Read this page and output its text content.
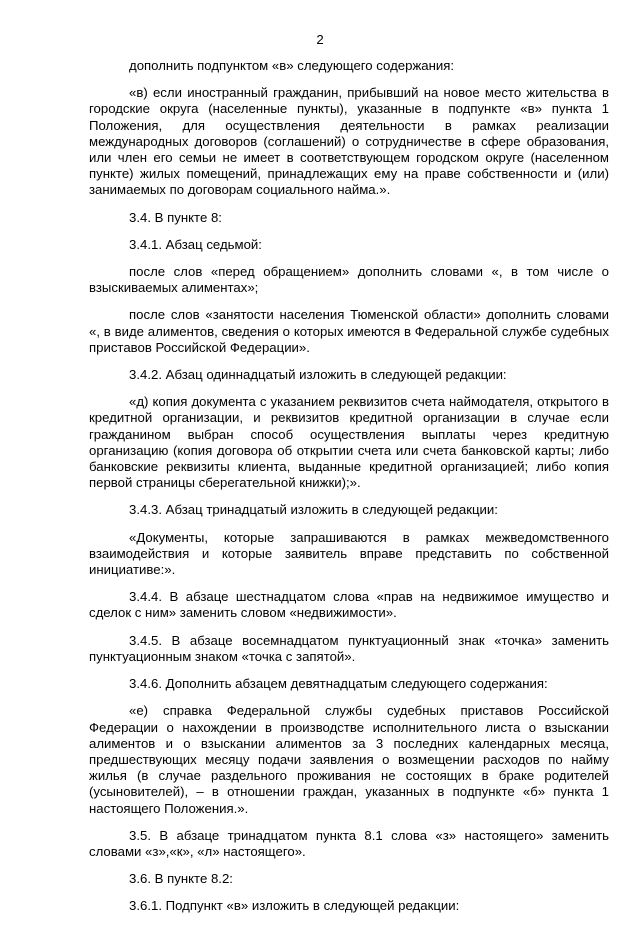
2

дополнить подпунктом «в» следующего содержания:

«в) если иностранный гражданин, прибывший на новое место жительства в городские округа (населенные пункты), указанные в подпункте «в» пункта 1 Положения, для осуществления деятельности в рамках реализации международных договоров (соглашений) о сотрудничестве в сфере образования, или член его семьи не имеет в соответствующем городском округе (населенном пункте) жилых помещений, принадлежащих ему на праве собственности и (или) занимаемых по договорам социального найма.».

3.4. В пункте 8:

3.4.1. Абзац седьмой:

после слов «перед обращением» дополнить словами «, в том числе о взыскиваемых алиментах»;

после слов «занятости населения Тюменской области» дополнить словами «, в виде алиментов, сведения о которых имеются в Федеральной службе судебных приставов Российской Федерации».

3.4.2. Абзац одиннадцатый изложить в следующей редакции:

«д) копия документа с указанием реквизитов счета наймодателя, открытого в кредитной организации, и реквизитов кредитной организации в случае если гражданином выбран способ осуществления выплаты через кредитную организацию (копия договора об открытии счета или счета банковской карты; либо банковские реквизиты клиента, выданные кредитной организацией; либо копия первой страницы сберегательной книжки);».

3.4.3. Абзац тринадцатый изложить в следующей редакции:

«Документы, которые запрашиваются в рамках межведомственного взаимодействия и которые заявитель вправе представить по собственной инициативе:».

3.4.4. В абзаце шестнадцатом слова «прав на недвижимое имущество и сделок с ним» заменить словом «недвижимости».

3.4.5. В абзаце восемнадцатом пунктуационный знак «точка» заменить пунктуационным знаком «точка с запятой».

3.4.6. Дополнить абзацем девятнадцатым следующего содержания:

«е) справка Федеральной службы судебных приставов Российской Федерации о нахождении в производстве исполнительного листа о взыскании алиментов и о взыскании алиментов за 3 последних календарных месяца, предшествующих месяцу подачи заявления о возмещении расходов по найму жилья (в случае раздельного проживания не состоящих в браке родителей (усыновителей), – в отношении граждан, указанных в подпункте «б» пункта 1 настоящего Положения.».

3.5. В абзаце тринадцатом пункта 8.1 слова «з» настоящего» заменить словами «з»,«к», «л» настоящего».

3.6. В пункте 8.2:

3.6.1. Подпункт «в» изложить в следующей редакции:
